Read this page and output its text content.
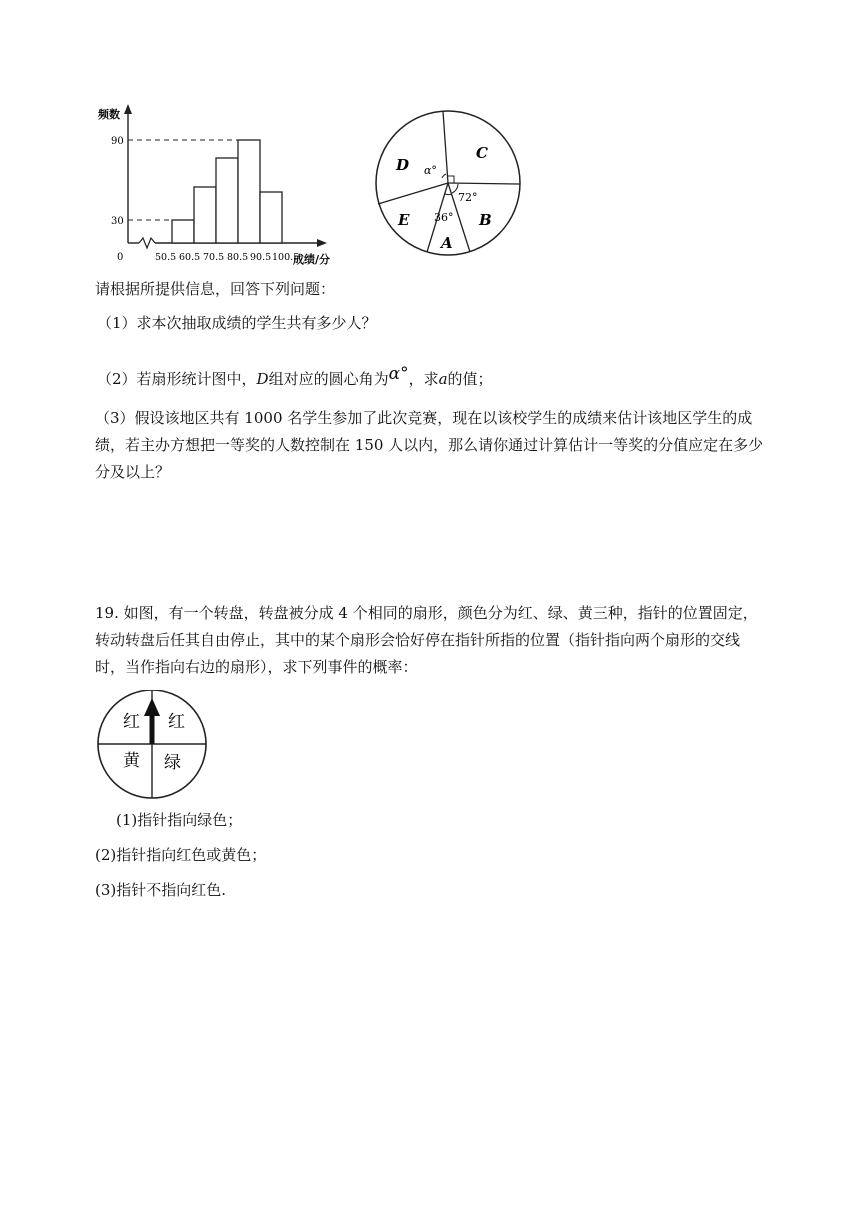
频数
90
30
0	50.5 60.5 70.5 80.5 90.5 100.5
成绩/分
C
D
E	B
A
α°
72°
36°
请根据所提供信息，回答下列问题：
（1）求本次抽取成绩的学生共有多少人？
（2）若扇形统计图中，D组对应的圆心角为α°，求a的值；
（3）假设该地区共有 1000 名学生参加了此次竞赛，现在以该校学生的成绩来估计该地区学生的成绩，若主办方想把一等奖的人数控制在 150 人以内，那么请你通过计算估计一等奖的分值应定在多少分及以上？
19. 如图，有一个转盘，转盘被分成 4 个相同的扇形，颜色分为红、绿、黄三种，指针的位置固定，转动转盘后任其自由停止，其中的某个扇形会恰好停在指针所指的位置（指针指向两个扇形的交线时，当作指向右边的扇形），求下列事件的概率：
红 红
黄 绿
(1)指针指向绿色；
(2)指针指向红色或黄色；
(3)指针不指向红色.
